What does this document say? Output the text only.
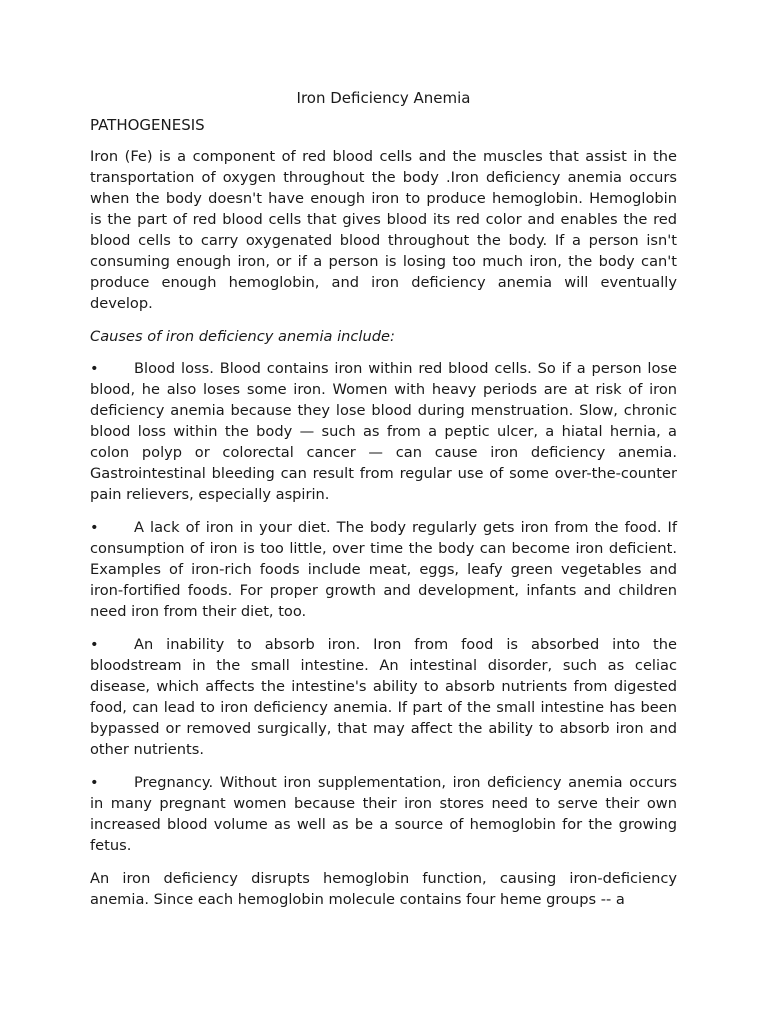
Iron Deficiency Anemia
PATHOGENESIS

Iron (Fe) is a component of red blood cells and the muscles that assist in the transportation of oxygen throughout the body .Iron deficiency anemia occurs when the body doesn't have enough iron to produce hemoglobin. Hemoglobin is the part of red blood cells that gives blood its red color and enables the red blood cells to carry oxygenated blood throughout the body. If a person isn't consuming enough iron, or if a person is losing too much iron, the body can't produce enough hemoglobin, and iron deficiency anemia will eventually develop.

Causes of iron deficiency anemia include:

• Blood loss. Blood contains iron within red blood cells. So if a person lose blood, he also loses some iron. Women with heavy periods are at risk of iron deficiency anemia because they lose blood during menstruation. Slow, chronic blood loss within the body — such as from a peptic ulcer, a hiatal hernia, a colon polyp or colorectal cancer — can cause iron deficiency anemia. Gastrointestinal bleeding can result from regular use of some over-the-counter pain relievers, especially aspirin.

• A lack of iron in your diet. The body regularly gets iron from the food. If consumption of iron is too little, over time the body can become iron deficient. Examples of iron-rich foods include meat, eggs, leafy green vegetables and iron-fortified foods. For proper growth and development, infants and children need iron from their diet, too.

• An inability to absorb iron. Iron from food is absorbed into the bloodstream in the small intestine. An intestinal disorder, such as celiac disease, which affects the intestine's ability to absorb nutrients from digested food, can lead to iron deficiency anemia. If part of the small intestine has been bypassed or removed surgically, that may affect the ability to absorb iron and other nutrients.

• Pregnancy. Without iron supplementation, iron deficiency anemia occurs in many pregnant women because their iron stores need to serve their own increased blood volume as well as be a source of hemoglobin for the growing fetus.

An iron deficiency disrupts hemoglobin function, causing iron-deficiency anemia. Since each hemoglobin molecule contains four heme groups -- a
